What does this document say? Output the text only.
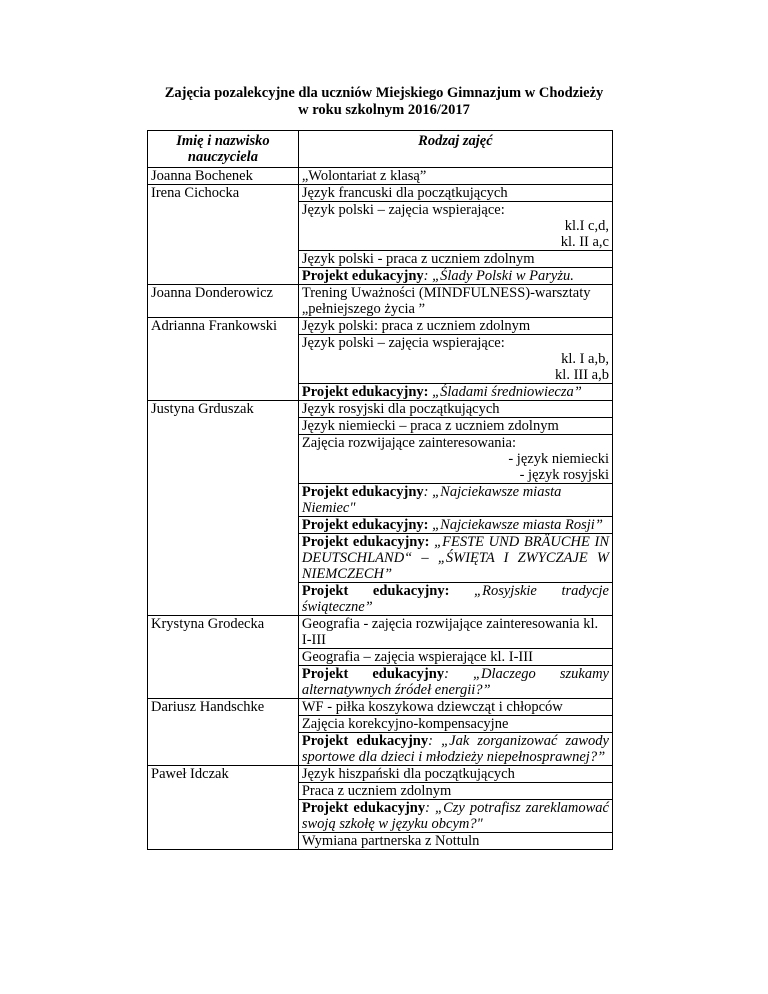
Zajęcia pozalekcyjne dla uczniów Miejskiego Gimnazjum w Chodzieży
w roku szkolnym 2016/2017
Imię i nazwisko nauczyciela	Rodzaj zajęć
Joanna Bochenek	„Wolontariat z klasą”
Irena Cichocka	Język francuski dla początkujących

	Język polski – zajęcia wspierające:
kl.I c,d,
kl. II a,c

	Język polski - praca z uczniem zdolnym
	Projekt edukacyjny: „Ślady Polski w Paryżu.
Joanna Donderowicz	Trening Uważności (MINDFULNESS)-warsztaty „pełniejszego życia ”
Adrianna Frankowski	Język polski: praca z uczniem zdolnym

	Język polski – zajęcia wspierające:
kl. I a,b,
kl. III a,b

	Projekt edukacyjny: „Śladami średniowiecza”
Justyna Grduszak	Język rosyjski dla początkujących
	Język niemiecki – praca z uczniem zdolnym

	Zajęcia rozwijające zainteresowania:
- język niemiecki
- język rosyjski

	Projekt edukacyjny: „Najciekawsze miasta Niemiec"
	Projekt edukacyjny: „Najciekawsze miasta Rosji”
	Projekt edukacyjny: „FESTE UND BRÄUCHE IN DEUTSCHLAND“ – „ŚWIĘTA I ZWYCZAJE W NIEMCZECH”
	Projekt edukacyjny: „Rosyjskie tradycje świąteczne”
Krystyna Grodecka	Geografia - zajęcia rozwijające zainteresowania kl. I-III
	Geografia – zajęcia wspierające kl. I-III
	Projekt edukacyjny: „Dlaczego szukamy alternatywnych źródeł energii?”
Dariusz Handschke	WF - piłka koszykowa dziewcząt i chłopców
	Zajęcia korekcyjno-kompensacyjne
	Projekt edukacyjny: „Jak zorganizować zawody sportowe dla dzieci i młodzieży niepełnosprawnej?”
Paweł Idczak	Język hiszpański dla początkujących
	Praca z uczniem zdolnym
	Projekt edukacyjny: „Czy potrafisz zareklamować swoją szkołę w języku obcym?"
	Wymiana partnerska z Nottuln
